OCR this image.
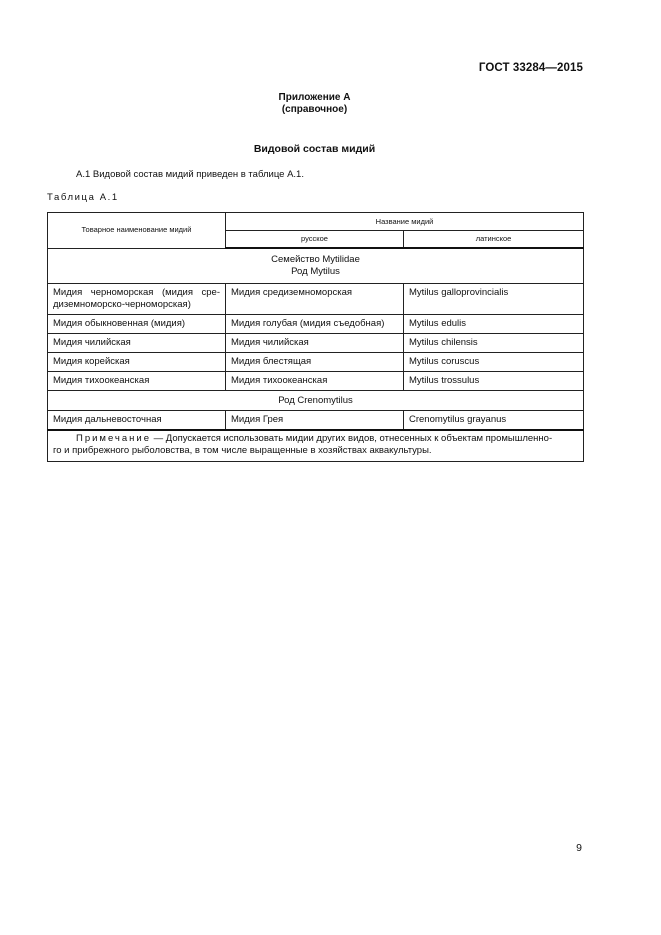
ГОСТ 33284—2015
Приложение А
(справочное)
Видовой состав мидий
А.1 Видовой состав мидий приведен в таблице А.1.
Таблица А.1
Товарное наименование мидий	Название мидий	
	русское	латинское

Семейство Mytilidae
Род Mytilus		

Мидия черноморская (мидия сре-
диземноморско-черноморская)	Мидия средиземноморская	Mytilus galloprovincialis
Мидия обыкновенная (мидия)	Мидия голубая (мидия съедобная)	Mytilus edulis
Мидия чилийская	Мидия чилийская	Mytilus chilensis
Мидия корейская	Мидия блестящая	Mytilus coruscus
Мидия тихоокеанская	Мидия тихоокеанская	Mytilus trossulus
Род Crenomytilus		
Мидия дальневосточная	Мидия Грея	Crenomytilus grayanus

Примечание — Допускается использовать мидии других видов, отнесенных к объектам промышленно-
го и прибрежного рыболовства, в том числе выращенные в хозяйствах аквакультуры.		
9
